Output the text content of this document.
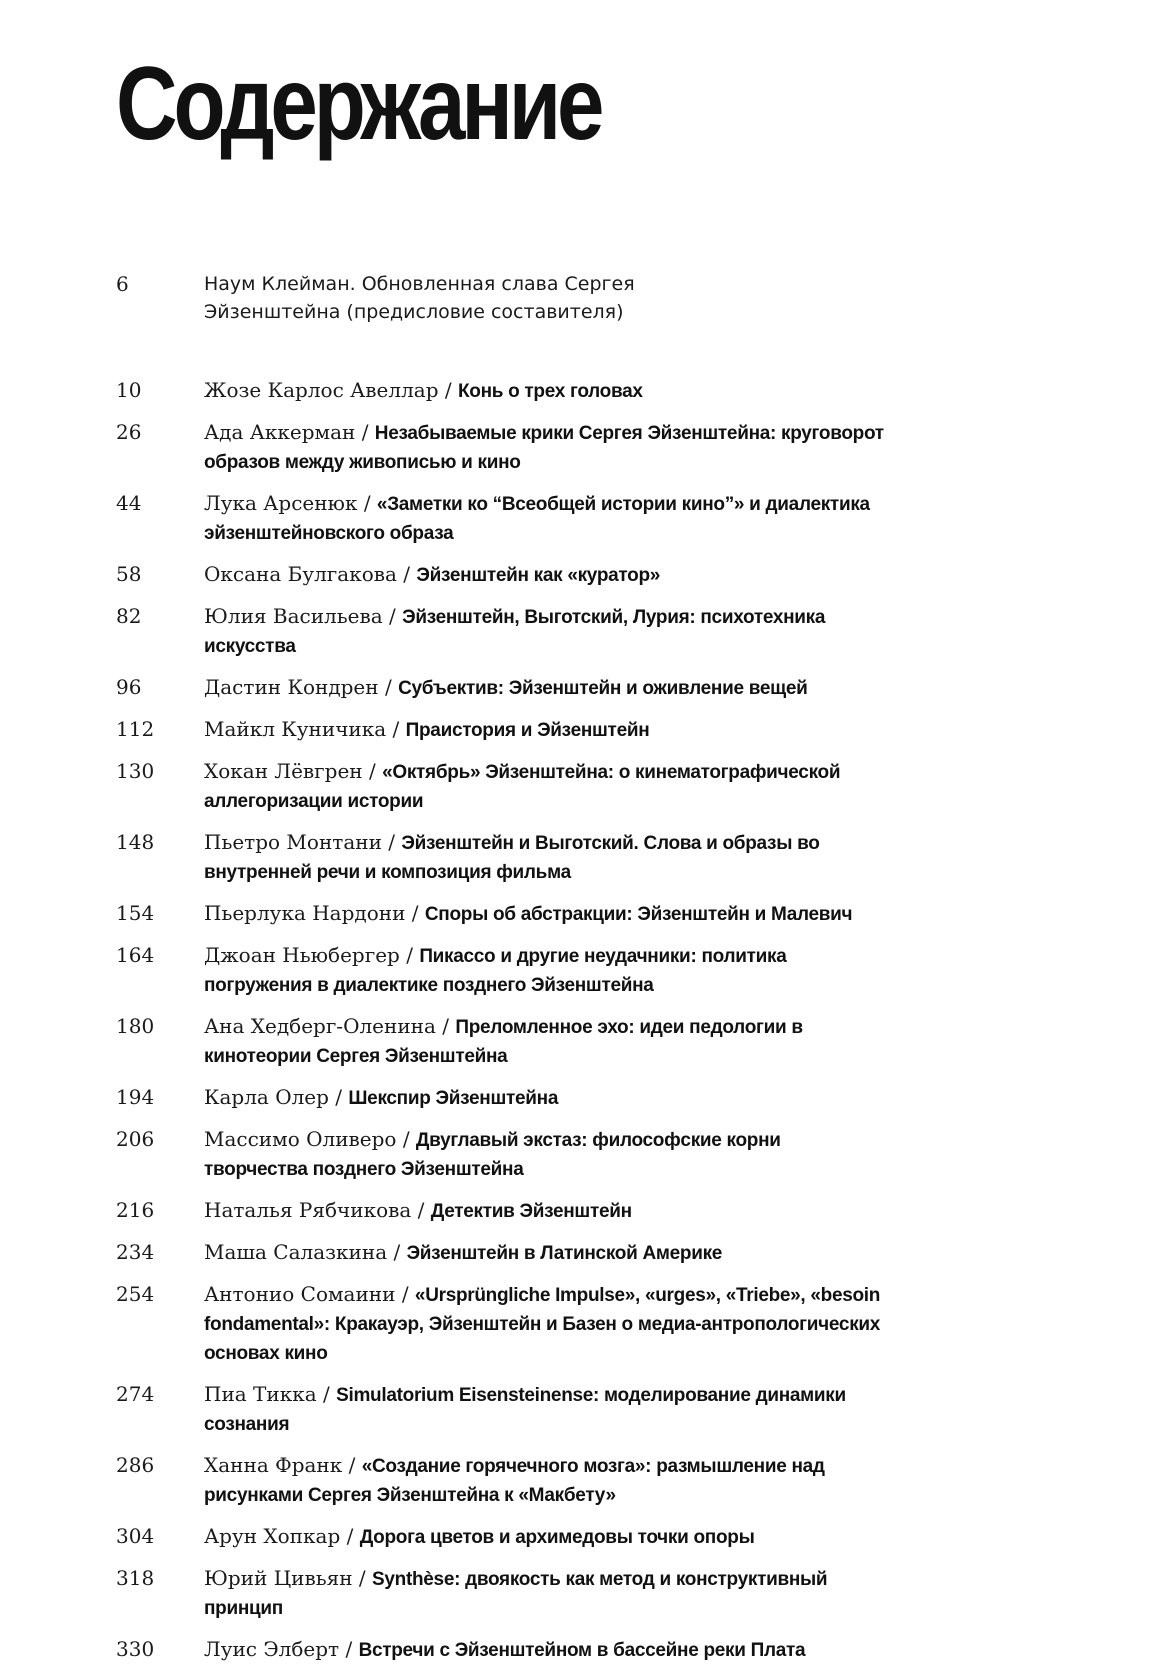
Содержание
6	Наум Клейман. Обновленная слава Сергея Эйзенштейна (предисловие составителя)
10	Жозе Карлос Авеллар / Конь о трех головах
26	Ада Аккерман / Незабываемые крики Сергея Эйзенштейна: круговорот образов между живописью и кино
44	Лука Арсенюк / «Заметки ко “Всеобщей истории кино”» и диалектика эйзенштейновского образа
58	Оксана Булгакова / Эйзенштейн как «куратор»
82	Юлия Васильева / Эйзенштейн, Выготский, Лурия: психотехника искусства
96	Дастин Кондрен / Субъектив: Эйзенштейн и оживление вещей
112	Майкл Куничика / Праистория и Эйзенштейн
130	Хокан Лёвгрен / «Октябрь» Эйзенштейна: о кинематографической аллегоризации истории
148	Пьетро Монтани / Эйзенштейн и Выготский. Слова и образы во внутренней речи и композиция фильма
154	Пьерлука Нардони / Споры об абстракции: Эйзенштейн и Малевич
164	Джоан Ньюбергер / Пикассо и другие неудачники: политика погружения в диалектике позднего Эйзенштейна
180	Ана Хедберг-Оленина / Преломленное эхо: идеи педологии в кинотеории Сергея Эйзенштейна
194	Карла Олер / Шекспир Эйзенштейна
206	Массимо Оливеро / Двуглавый экстаз: философские корни творчества позднего Эйзенштейна
216	Наталья Рябчикова / Детектив Эйзенштейн
234	Маша Салазкина / Эйзенштейн в Латинской Америке
254	Антонио Сомаини / «Ursprüngliche Impulse», «urges», «Triebe», «besoin fondamental»: Кракауэр, Эйзенштейн и Базен о медиа-антропологических основах кино
274	Пиа Тикка / Simulatorium Eisensteinense: моделирование динамики сознания
286	Ханна Франк / «Создание горячечного мозга»: размышление над рисунками Сергея Эйзенштейна к «Макбету»
304	Арун Хопкар / Дорога цветов и архимедовы точки опоры
318	Юрий Цивьян / Synthèse: двоякость как метод и конструктивный принцип
330	Луис Элберт / Встречи с Эйзенштейном в бассейне реки Плата
